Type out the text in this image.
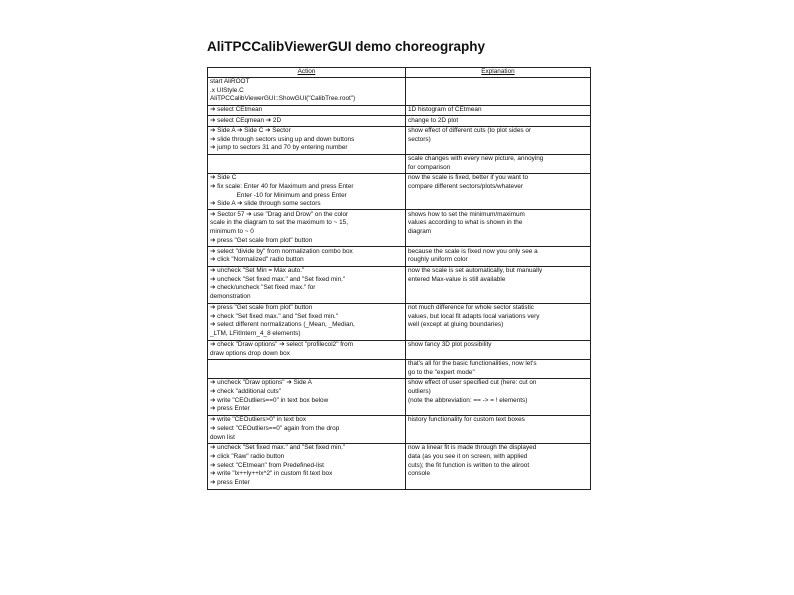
AliTPCCalibViewerGUI demo choreography
Action	Explanation

start AliROOT
.x UIStyle.C
AliTPCCalibViewerGUI::ShowGUI("CalibTree.root")	

➔ select CEtmean	1D histogram of CEtmean

➔ select CEqmean ➔ 2D	change to 2D plot

➔ Side A ➔ Side C ➔ Sector
➔ slide through sectors using up and down buttons
➔ jump to sectors 31 and 70 by entering number	show effect of different cuts (to plot sides or
sectors)

	scale changes with every new picture, annoying
for comparison

➔ Side C
➔ fix scale: Enter 40 for Maximum and press Enter
Enter -10 for Minimum and press Enter
➔ Side A ➔ slide through some sectors	now the scale is fixed, better if you want to
compare different sectors/plots/whatever

➔ Sector 57 ➔ use "Drag and Drow" on the color
scale in the diagram to set the maximum to ~ 15,
minimum to ~ 0
➔ press "Get scale from plot" button	shows how to set the minimum/maximum
values according to what is shown in the
diagram

➔ select "divide by" from normalization combo box
➔ click "Normalized" radio button	because the scale is fixed now you only see a
roughly uniform color

➔ uncheck "Set Min = Max auto."
➔ uncheck "Set fixed max." and "Set fixed min."
➔ check/uncheck "Set fixed max." for
demonstration	now the scale is set automatically, but manually
entered Max-value is still available

➔ press "Get scale from plot" button
➔ check "Set fixed max." and "Set fixed min."
➔ select different normalizations (_Mean, _Median,
_LTM, LFitIntern_4_8 elements)	not much difference for whole sector statistic
values, but local fit adapts local variations very
well (except at gluing boundaries)

➔ check "Draw options" ➔ select "profilecol2" from
draw options drop down box	show fancy 3D plot possibility

	that's all for the basic functionalities, now let's
go to the "expert mode"

➔ uncheck "Draw options" ➔ Side A
➔ check "additional cuts"
➔ write "CEOutliers==0" in text box below
➔ press Enter	show effect of user specified cut (here: cut on
outliers)
(note the abbreviation: == -> = ! elements)

➔ write "CEOutliers>0" in text box
➔ select "CEOutliers==0" again from the drop
down list	history functionality for custom text boxes

➔ uncheck "Set fixed max." and "Set fixed min."
➔ click "Raw" radio button
➔ select "CEtmean" from Predefined-list
➔ write "lx++ly++lx^2" in custom fit text box
➔ press Enter	now a linear fit is made through the displayed
data (as you see it on screen, with applied
cuts); the fit function is written to the aliroot
console
